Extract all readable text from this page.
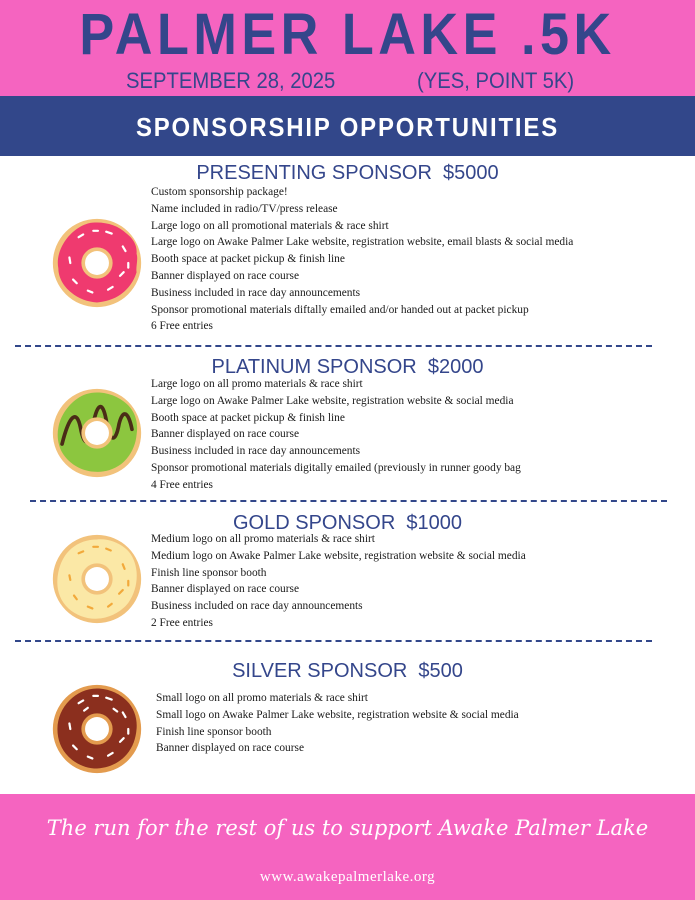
PALMER LAKE .5K
SEPTEMBER 28, 2025	(YES, POINT 5K)
SPONSORSHIP OPPORTUNITIES
PRESENTING SPONSOR  $5000
Custom sponsorship package!
Name included in radio/TV/press release
Large logo on all promotional materials & race shirt
Large logo on Awake Palmer Lake website, registration website, email blasts & social media
Booth space at packet pickup & finish line
Banner displayed on race course
Business included in race day announcements
Sponsor promotional materials diftally emailed and/or handed out at packet pickup
6 Free entries
PLATINUM SPONSOR  $2000
Large logo on all promo materials & race shirt
Large logo on Awake Palmer Lake website, registration website & social media
Booth space at packet pickup & finish line
Banner displayed on race course
Business included in race day announcements
Sponsor promotional materials digitally emailed (previously in runner goody bag
4 Free entries
GOLD SPONSOR  $1000
Medium logo on all promo materials & race shirt
Medium logo on Awake Palmer Lake website, registration website & social media
Finish line sponsor booth
Banner displayed on race course
Business included on race day announcements
2 Free entries
SILVER SPONSOR  $500
Small logo on all promo materials & race shirt
Small logo on Awake Palmer Lake website, registration website & social media
Finish line sponsor booth
Banner displayed on race course
The run for the rest of us to support Awake Palmer Lake
www.awakepalmerlake.org
